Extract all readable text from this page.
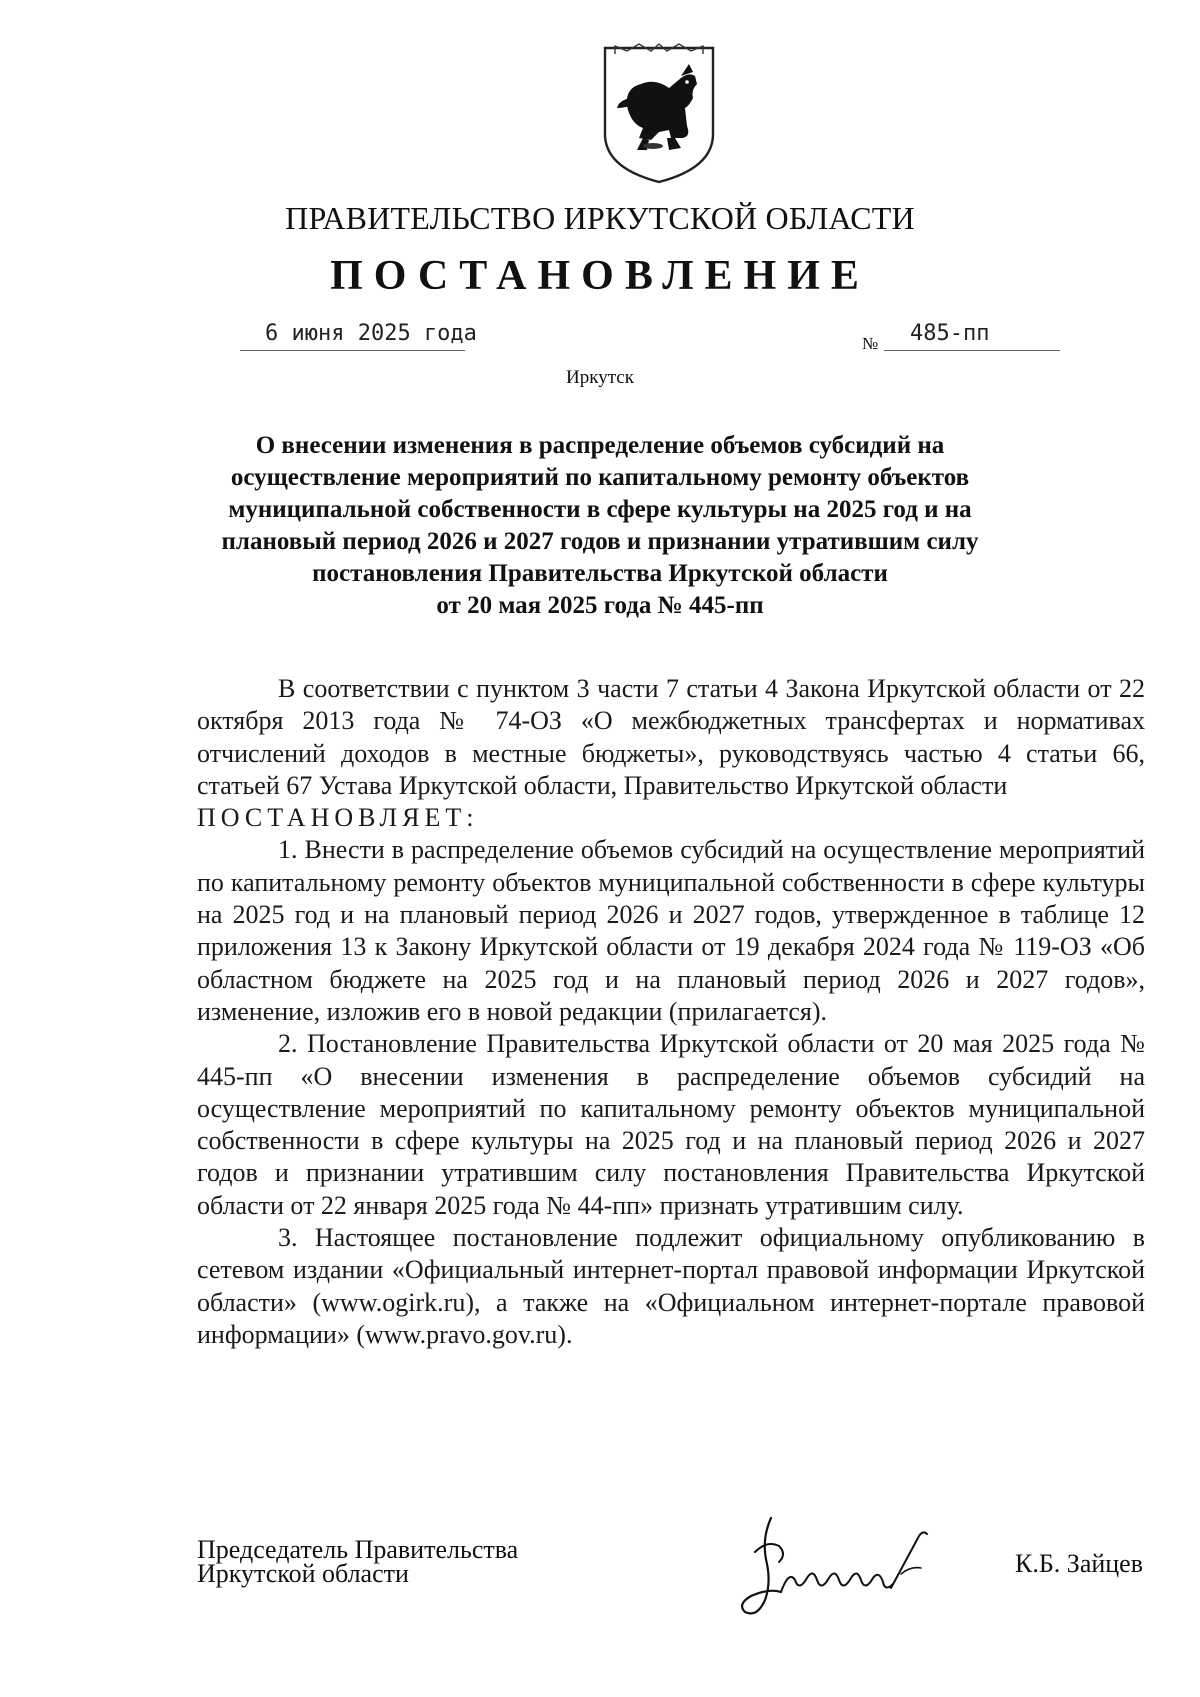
ПРАВИТЕЛЬСТВО ИРКУТСКОЙ ОБЛАСТИ
ПОСТАНОВЛЕНИЕ
6 июня 2025 года	№ 485-пп
Иркутск
О внесении изменения в распределение объемов субсидий на
осуществление мероприятий по капитальному ремонту объектов
муниципальной собственности в сфере культуры на 2025 год и на
плановый период 2026 и 2027 годов и признании утратившим силу
постановления Правительства Иркутской области
от 20 мая 2025 года № 445-пп

В соответствии с пунктом 3 части 7 статьи 4 Закона Иркутской области от 22 октября 2013 года № 74-ОЗ «О межбюджетных трансфертах и нормативах отчислений доходов в местные бюджеты», руководствуясь частью 4 статьи 66, статьей 67 Устава Иркутской области, Правительство Иркутской области

ПОСТАНОВЛЯЕТ:

1. Внести в распределение объемов субсидий на осуществление мероприятий по капитальному ремонту объектов муниципальной собственности в сфере культуры на 2025 год и на плановый период 2026 и 2027 годов, утвержденное в таблице 12 приложения 13 к Закону Иркутской области от 19 декабря 2024 года № 119-ОЗ «Об областном бюджете на 2025 год и на плановый период 2026 и 2027 годов», изменение, изложив его в новой редакции (прилагается).

2. Постановление Правительства Иркутской области от 20 мая 2025 года № 445-пп «О внесении изменения в распределение объемов субсидий на осуществление мероприятий по капитальному ремонту объектов муниципальной собственности в сфере культуры на 2025 год и на плановый период 2026 и 2027 годов и признании утратившим силу постановления Правительства Иркутской области от 22 января 2025 года № 44-пп» признать утратившим силу.

3. Настоящее постановление подлежит официальному опубликованию в сетевом издании «Официальный интернет-портал правовой информации Иркутской области» (www.ogirk.ru), а также на «Официальном интернет-портале правовой информации» (www.pravo.gov.ru).

Председатель Правительства
Иркутской области	К.Б. Зайцев
